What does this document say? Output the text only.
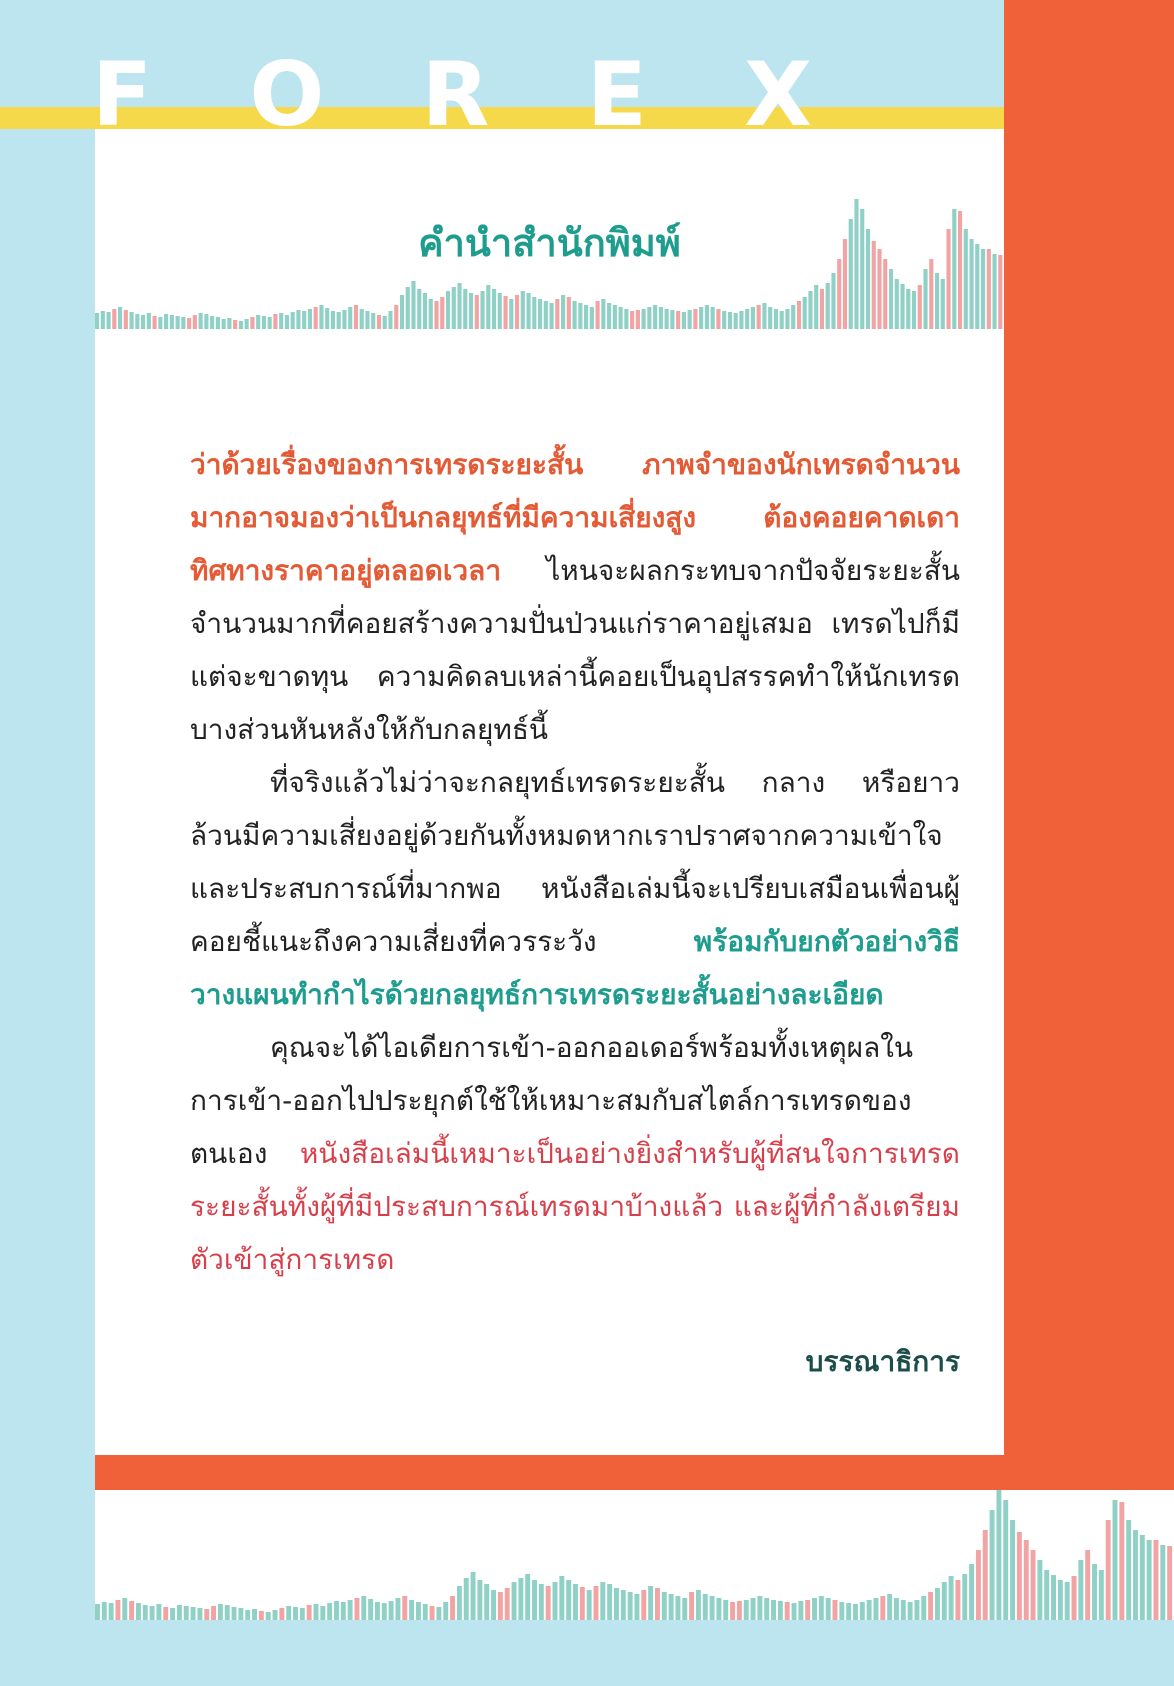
F O R E X
คำนำสำนักพิมพ์

ว่าด้วยเรื่องของการเทรดระยะสั้น ภาพจำของนักเทรดจำนวนมากอาจมองว่าเป็นกลยุทธ์ที่มีความเสี่ยงสูง ต้องคอยคาดเดาทิศทางราคาอยู่ตลอดเวลา ไหนจะผลกระทบจากปัจจัยระยะสั้นจำนวนมากที่คอยสร้างความปั่นป่วนแก่ราคาอยู่เสมอ เทรดไปก็มีแต่จะขาดทุน ความคิดลบเหล่านี้คอยเป็นอุปสรรคทำให้นักเทรดบางส่วนหันหลังให้กับกลยุทธ์นี้

ที่จริงแล้วไม่ว่าจะกลยุทธ์เทรดระยะสั้น กลาง หรือยาว ล้วนมีความเสี่ยงอยู่ด้วยกันทั้งหมดหากเราปราศจากความเข้าใจ และประสบการณ์ที่มากพอ หนังสือเล่มนี้จะเปรียบเสมือนเพื่อนผู้คอยชี้แนะถึงความเสี่ยงที่ควรระวัง พร้อมกับยกตัวอย่างวิธีวางแผนทำกำไรด้วยกลยุทธ์การเทรดระยะสั้นอย่างละเอียด

คุณจะได้ไอเดียการเข้า-ออกออเดอร์พร้อมทั้งเหตุผลในการเข้า-ออกไปประยุกต์ใช้ให้เหมาะสมกับสไตล์การเทรดของตนเอง หนังสือเล่มนี้เหมาะเป็นอย่างยิ่งสำหรับผู้ที่สนใจการเทรดระยะสั้นทั้งผู้ที่มีประสบการณ์เทรดมาบ้างแล้ว และผู้ที่กำลังเตรียมตัวเข้าสู่การเทรด

บรรณาธิการ
